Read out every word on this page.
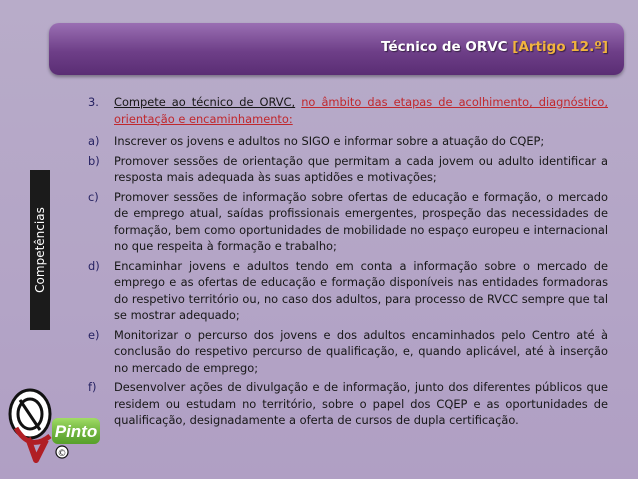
Técnico de ORVC [Artigo 12.º]
Competências
3.	Compete ao técnico de ORVC, no âmbito das etapas de acolhimento, diagnóstico, orientação e encaminhamento:
a)	Inscrever os jovens e adultos no SIGO e informar sobre a atuação do CQEP;
b)	Promover sessões de orientação que permitam a cada jovem ou adulto identificar a resposta mais adequada às suas aptidões e motivações;
c)	Promover sessões de informação sobre ofertas de educação e formação, o mercado de emprego atual, saídas profissionais emergentes, prospeção das necessidades de formação, bem como oportunidades de mobilidade no espaço europeu e internacional no que respeita à formação e trabalho;
d)	Encaminhar jovens e adultos tendo em conta a informação sobre o mercado de emprego e as ofertas de educação e formação disponíveis nas entidades formadoras do respetivo território ou, no caso dos adultos, para processo de RVCC sempre que tal se mostrar adequado;
e)	Monitorizar o percurso dos jovens e dos adultos encaminhados pelo Centro até à conclusão do respetivo percurso de qualificação, e, quando aplicável, até à inserção no mercado de emprego;
f)	Desenvolver ações de divulgação e de informação, junto dos diferentes públicos que residem ou estudam no território, sobre o papel dos CQEP e as oportunidades de qualificação, designadamente a oferta de cursos de dupla certificação.
Pinto
©
